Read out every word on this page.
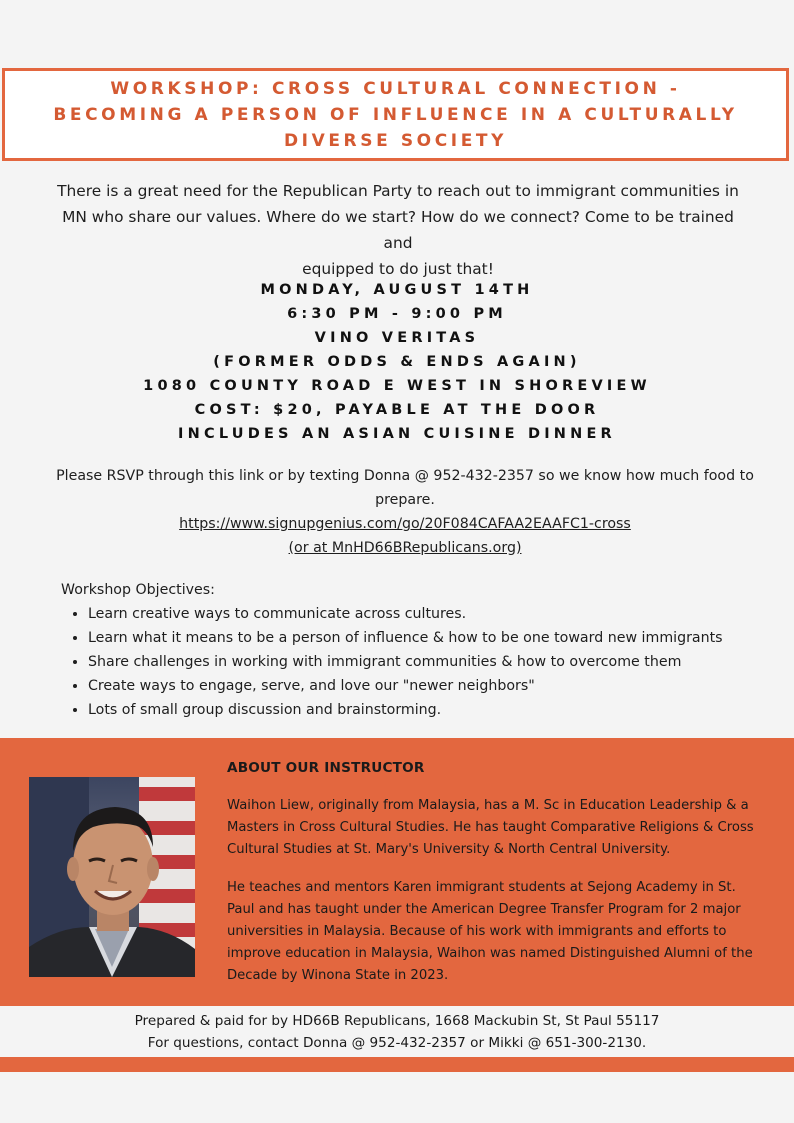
WORKSHOP: CROSS CULTURAL CONNECTION -
BECOMING A PERSON OF INFLUENCE IN A CULTURALLY
DIVERSE SOCIETY
There is a great need for the Republican Party to reach out to immigrant communities in
MN who share our values. Where do we start? How do we connect? Come to be trained and
equipped to do just that!
MONDAY, AUGUST 14TH
6:30 PM - 9:00 PM
VINO VERITAS
(FORMER ODDS & ENDS AGAIN)
1080 COUNTY ROAD E WEST IN SHOREVIEW
COST: $20, PAYABLE AT THE DOOR
INCLUDES AN ASIAN CUISINE DINNER
Please RSVP through this link or by texting Donna @ 952-432-2357 so we know how much food to
prepare.
https://www.signupgenius.com/go/20F084CAFAA2EAAFC1-cross
(or at MnHD66BRepublicans.org)
Workshop Objectives:
• Learn creative ways to communicate across cultures.
• Learn what it means to be a person of influence & how to be one toward new immigrants
• Share challenges in working with immigrant communities & how to overcome them
• Create ways to engage, serve, and love our "newer neighbors"
• Lots of small group discussion and brainstorming.
ABOUT OUR INSTRUCTOR
Waihon Liew, originally from Malaysia, has a M. Sc in Education Leadership & a
Masters in Cross Cultural Studies. He has taught Comparative Religions & Cross
Cultural Studies at St. Mary's University & North Central University.
He teaches and mentors Karen immigrant students at Sejong Academy in St.
Paul and has taught under the American Degree Transfer Program for 2 major
universities in Malaysia. Because of his work with immigrants and efforts to
improve education in Malaysia, Waihon was named Distinguished Alumni of the
Decade by Winona State in 2023.
Prepared & paid for by HD66B Republicans, 1668 Mackubin St, St Paul 55117
For questions, contact Donna @ 952-432-2357 or Mikki @ 651-300-2130.
